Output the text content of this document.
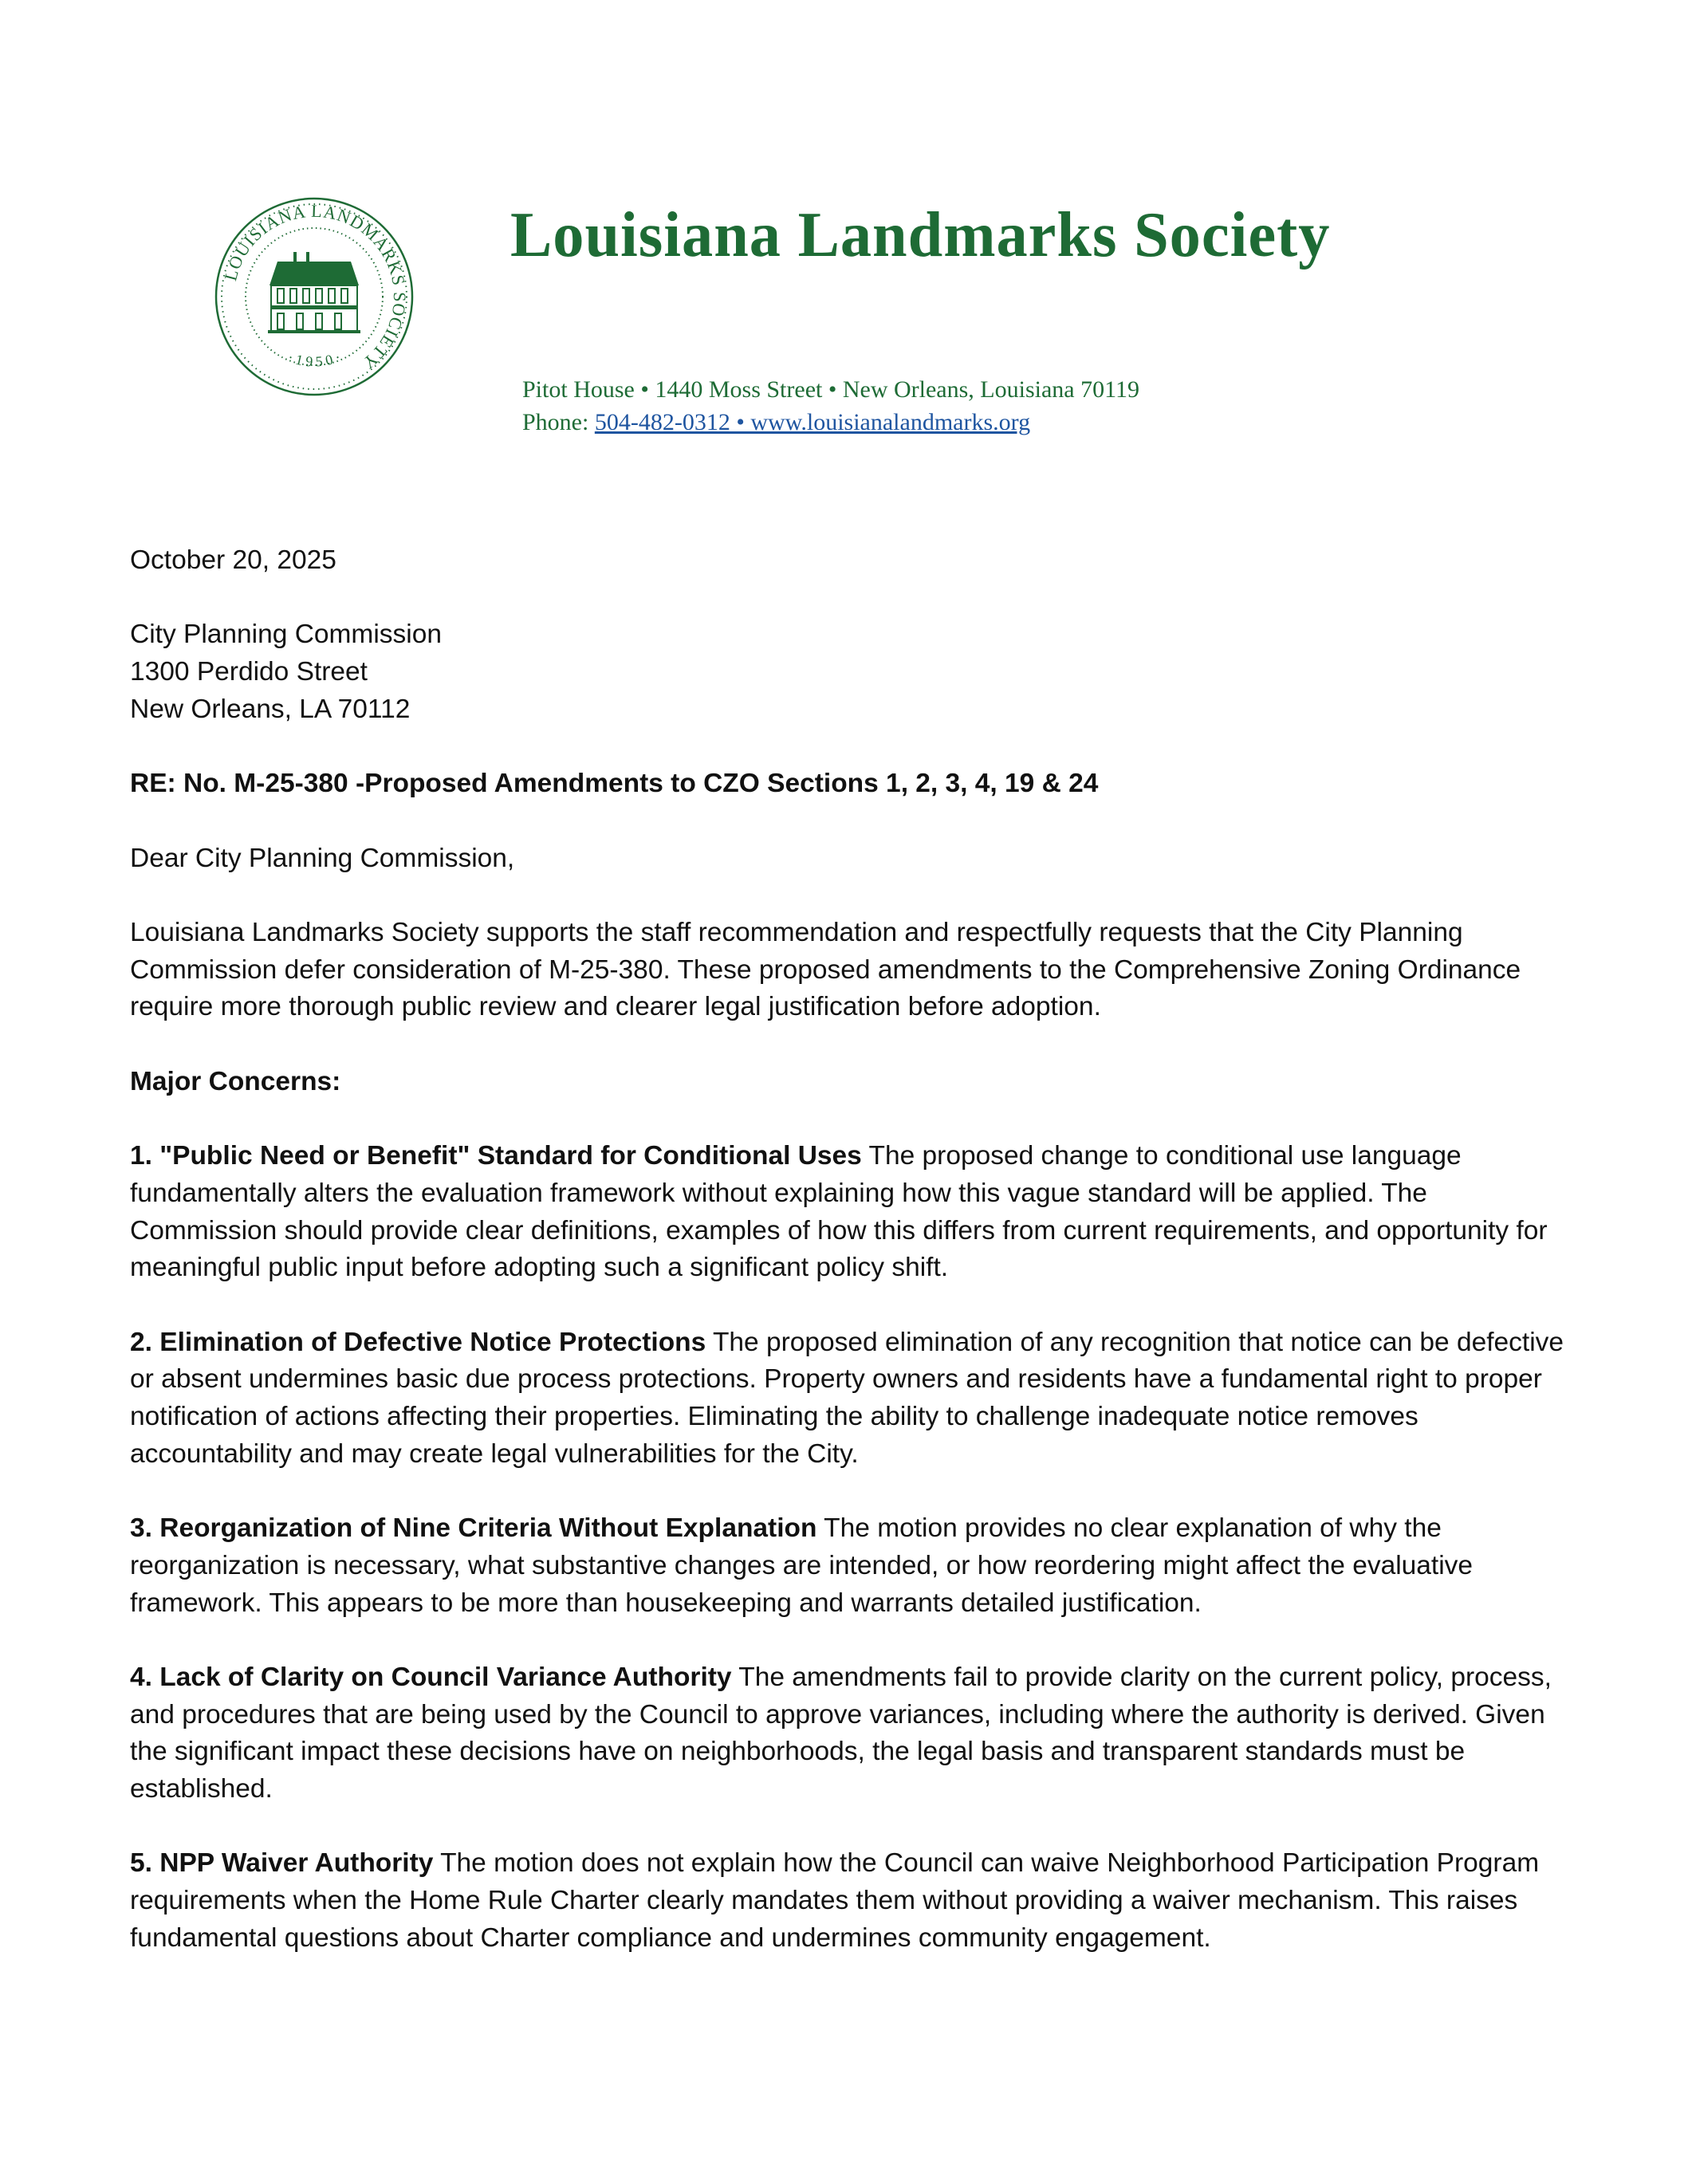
LOUISIANA LANDMARKS SOCIETY
· 1 9 5 0 ·
Louisiana Landmarks Society
Pitot House • 1440 Moss Street • New Orleans, Louisiana 70119
Phone: 504-482-0312 • www.louisianalandmarks.org

October 20, 2025

City Planning Commission
1300 Perdido Street
New Orleans, LA 70112

RE: No. M-25-380 -Proposed Amendments to CZO Sections 1, 2, 3, 4, 19 & 24

Dear City Planning Commission,

Louisiana Landmarks Society supports the staff recommendation and respectfully requests that the City Planning Commission defer consideration of M-25-380. These proposed amendments to the Comprehensive Zoning Ordinance require more thorough public review and clearer legal justification before adoption.

Major Concerns:

1. "Public Need or Benefit" Standard for Conditional Uses The proposed change to conditional use language fundamentally alters the evaluation framework without explaining how this vague standard will be applied. The Commission should provide clear definitions, examples of how this differs from current requirements, and opportunity for meaningful public input before adopting such a significant policy shift.

2. Elimination of Defective Notice Protections The proposed elimination of any recognition that notice can be defective or absent undermines basic due process protections. Property owners and residents have a fundamental right to proper notification of actions affecting their properties. Eliminating the ability to challenge inadequate notice removes accountability and may create legal vulnerabilities for the City.

3. Reorganization of Nine Criteria Without Explanation The motion provides no clear explanation of why the reorganization is necessary, what substantive changes are intended, or how reordering might affect the evaluative framework. This appears to be more than housekeeping and warrants detailed justification.

4. Lack of Clarity on Council Variance Authority The amendments fail to provide clarity on the current policy, process, and procedures that are being used by the Council to approve variances, including where the authority is derived. Given the significant impact these decisions have on neighborhoods, the legal basis and transparent standards must be established.

5. NPP Waiver Authority The motion does not explain how the Council can waive Neighborhood Participation Program requirements when the Home Rule Charter clearly mandates them without providing a waiver mechanism. This raises fundamental questions about Charter compliance and undermines community engagement.
